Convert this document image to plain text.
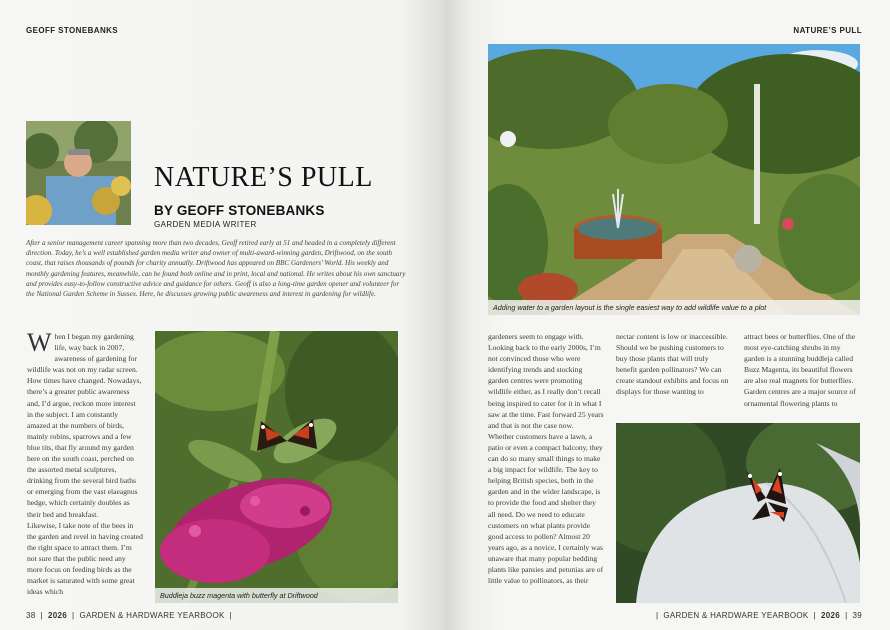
GEOFF STONEBANKS
NATURE’S PULL
BY GEOFF STONEBANKS
GARDEN MEDIA WRITER
After a senior management career spanning more than two decades, Geoff retired early at 51 and headed in a completely different direction. Today, he’s a well established garden media writer and owner of multi-award-winning garden, Driftwood, on the south coast, that raises thousands of pounds for charity annually. Driftwood has appeared on BBC Gardeners’ World. His weekly and monthly gardening features, meanwhile, can be found both online and in print, local and national. He writes about his own sanctuary and provides easy-to-follow constructive advice and guidance for others. Geoff is also a long-time garden opener and volunteer for the National Garden Scheme in Sussex. Here, he discusses growing public awareness and interest in gardening for wildlife.
When I began my gardening life, way back in 2007, awareness of gardening for wildlife was not on my radar screen. How times have changed. Nowadays, there’s a greater public awareness and, I’d argue, reckon more interest in the subject. I am constantly amazed at the numbers of birds, mainly robins, sparrows and a few blue tits, that fly around my garden here on the south coast, perched on the assorted metal sculptures, drinking from the several bird baths or emerging from the vast elaeagnus hedge, which certainly doubles as their bed and breakfast.
Likewise, I take note of the bees in the garden and revel in having created the right space to attract them. I’m not sure that the public need any more focus on feeding birds as the market is saturated with some great ideas which	Buddleja buzz magenta with butterfly at Driftwood
38  |  2026  |  GARDEN & HARDWARE YEARBOOK  |
NATURE’S PULL
Adding water to a garden layout is the single easiest way to add wildlife value to a plot
gardeners seem to engage with. Looking back to the early 2000s, I’m not convinced those who were identifying trends and stocking garden centres were promoting wildlife either, as I really don’t recall being inspired to cater for it in what I saw at the time. Fast forward 25 years and that is not the case now.
Whether customers have a lawn, a patio or even a compact balcony, they can do so many small things to make a big impact for wildlife. The key to helping British species, both in the garden and in the wider landscape, is to provide the food and shelter they all need. Do we need to educate customers on what plants provide good access to pollen? Almost 20 years ago, as a novice, I certainly was unaware that many popular bedding plants like pansies and petunias are of little value to pollinators, as their
nectar content is low or inaccessible. Should we be pushing customers to buy those plants that will truly benefit garden pollinators? We can create standout exhibits and focus on displays for those wanting to
attract bees or butterflies. One of the most eye-catching shrubs in my garden is a stunning buddleja called Buzz Magenta, its beautiful flowers are also real magnets for butterflies. Garden centres are a major source of ornamental flowering plants to
|  GARDEN & HARDWARE YEARBOOK  |  2026  |  39
